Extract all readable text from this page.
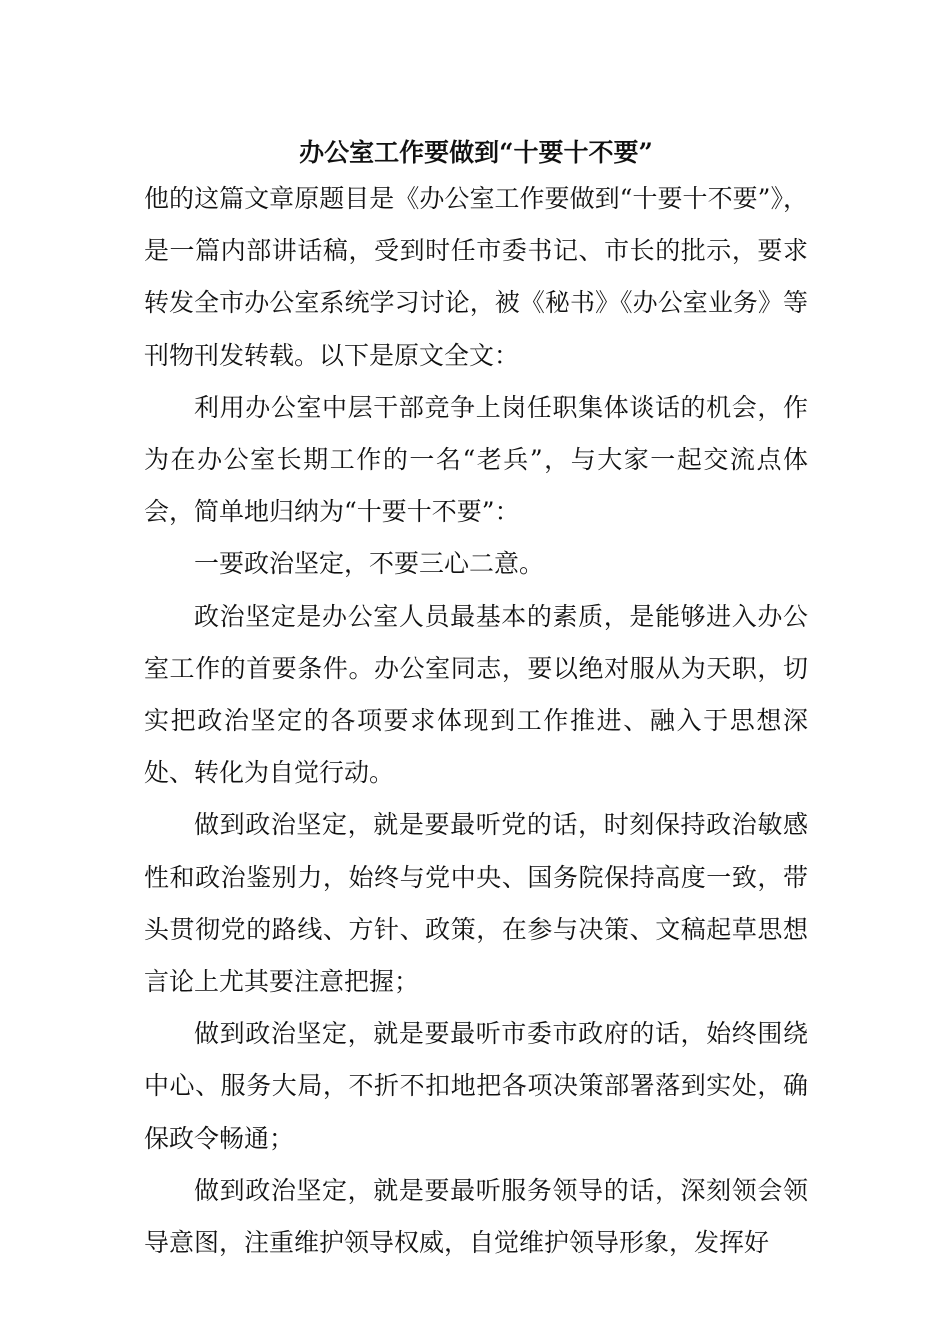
办公室工作要做到“十要十不要”

他的这篇文章原题目是《办公室工作要做到“十要十不要”》，是一篇内部讲话稿，受到时任市委书记、市长的批示，要求转发全市办公室系统学习讨论，被《秘书》《办公室业务》等刊物刊发转载。以下是原文全文：

利用办公室中层干部竞争上岗任职集体谈话的机会，作为在办公室长期工作的一名“老兵”，与大家一起交流点体会，简单地归纳为“十要十不要”：

一要政治坚定，不要三心二意。

政治坚定是办公室人员最基本的素质，是能够进入办公室工作的首要条件。办公室同志，要以绝对服从为天职，切实把政治坚定的各项要求体现到工作推进、融入于思想深处、转化为自觉行动。

做到政治坚定，就是要最听党的话，时刻保持政治敏感性和政治鉴别力，始终与党中央、国务院保持高度一致，带头贯彻党的路线、方针、政策，在参与决策、文稿起草思想言论上尤其要注意把握；

做到政治坚定，就是要最听市委市政府的话，始终围绕中心、服务大局，不折不扣地把各项决策部署落到实处，确保政令畅通；

做到政治坚定，就是要最听服务领导的话，深刻领会领导意图，注重维护领导权威，自觉维护领导形象，发挥好
